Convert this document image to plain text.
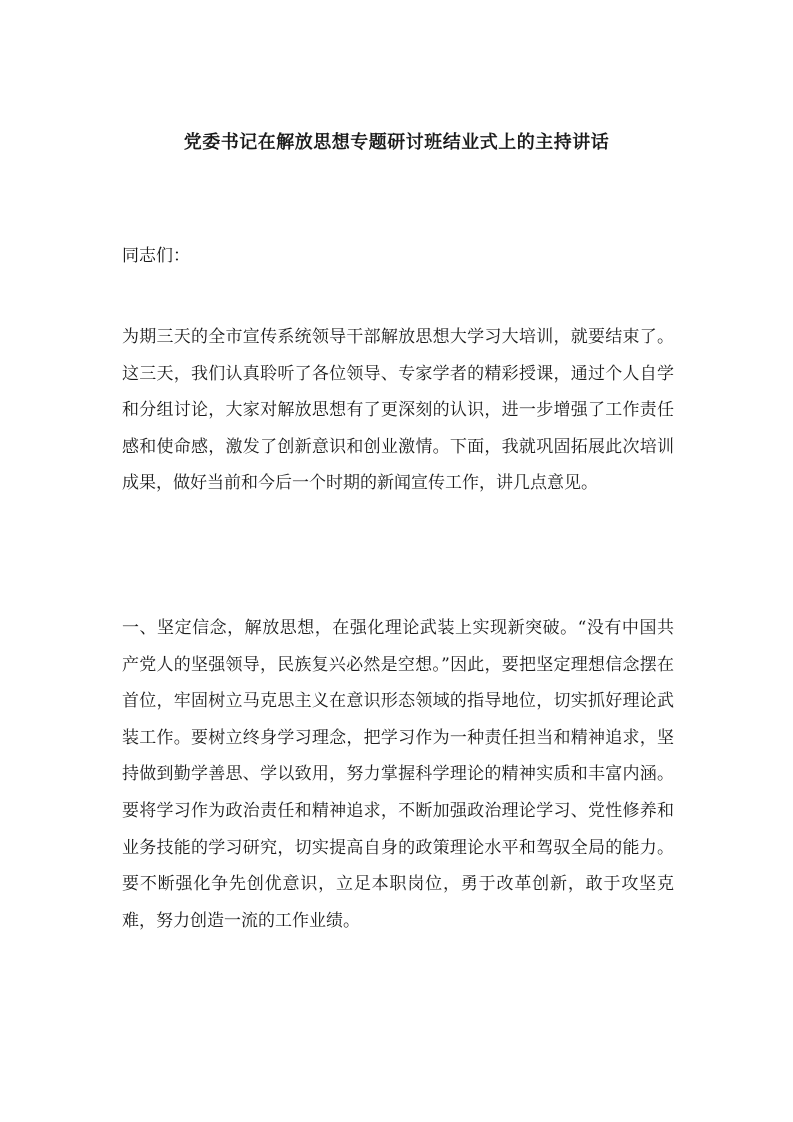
党委书记在解放思想专题研讨班结业式上的主持讲话

同志们：

为期三天的全市宣传系统领导干部解放思想大学习大培训，就要结束了。这三天，我们认真聆听了各位领导、专家学者的精彩授课，通过个人自学和分组讨论，大家对解放思想有了更深刻的认识，进一步增强了工作责任感和使命感，激发了创新意识和创业激情。下面，我就巩固拓展此次培训成果，做好当前和今后一个时期的新闻宣传工作，讲几点意见。

一、坚定信念，解放思想，在强化理论武装上实现新突破。“没有中国共产党人的坚强领导，民族复兴必然是空想。”因此，要把坚定理想信念摆在首位，牢固树立马克思主义在意识形态领域的指导地位，切实抓好理论武装工作。要树立终身学习理念，把学习作为一种责任担当和精神追求，坚持做到勤学善思、学以致用，努力掌握科学理论的精神实质和丰富内涵。要将学习作为政治责任和精神追求，不断加强政治理论学习、党性修养和业务技能的学习研究，切实提高自身的政策理论水平和驾驭全局的能力。要不断强化争先创优意识，立足本职岗位，勇于改革创新，敢于攻坚克难，努力创造一流的工作业绩。
